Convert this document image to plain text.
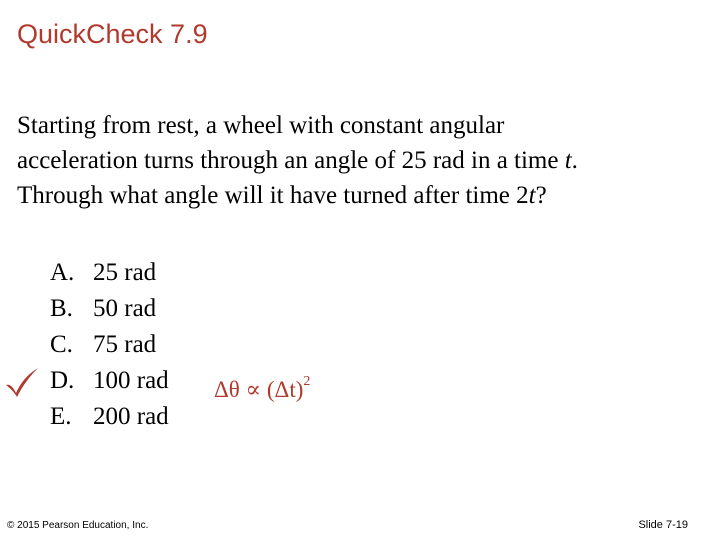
QuickCheck 7.9
Starting from rest, a wheel with constant angular
acceleration turns through an angle of 25 rad in a time t.
Through what angle will it have turned after time 2t?
A. 25 rad
B. 50 rad
C. 75 rad
D. 100 rad
E. 200 rad
$\Delta\theta \propto (\Delta t)^2$
© 2015 Pearson Education, Inc.	Slide 7-19
